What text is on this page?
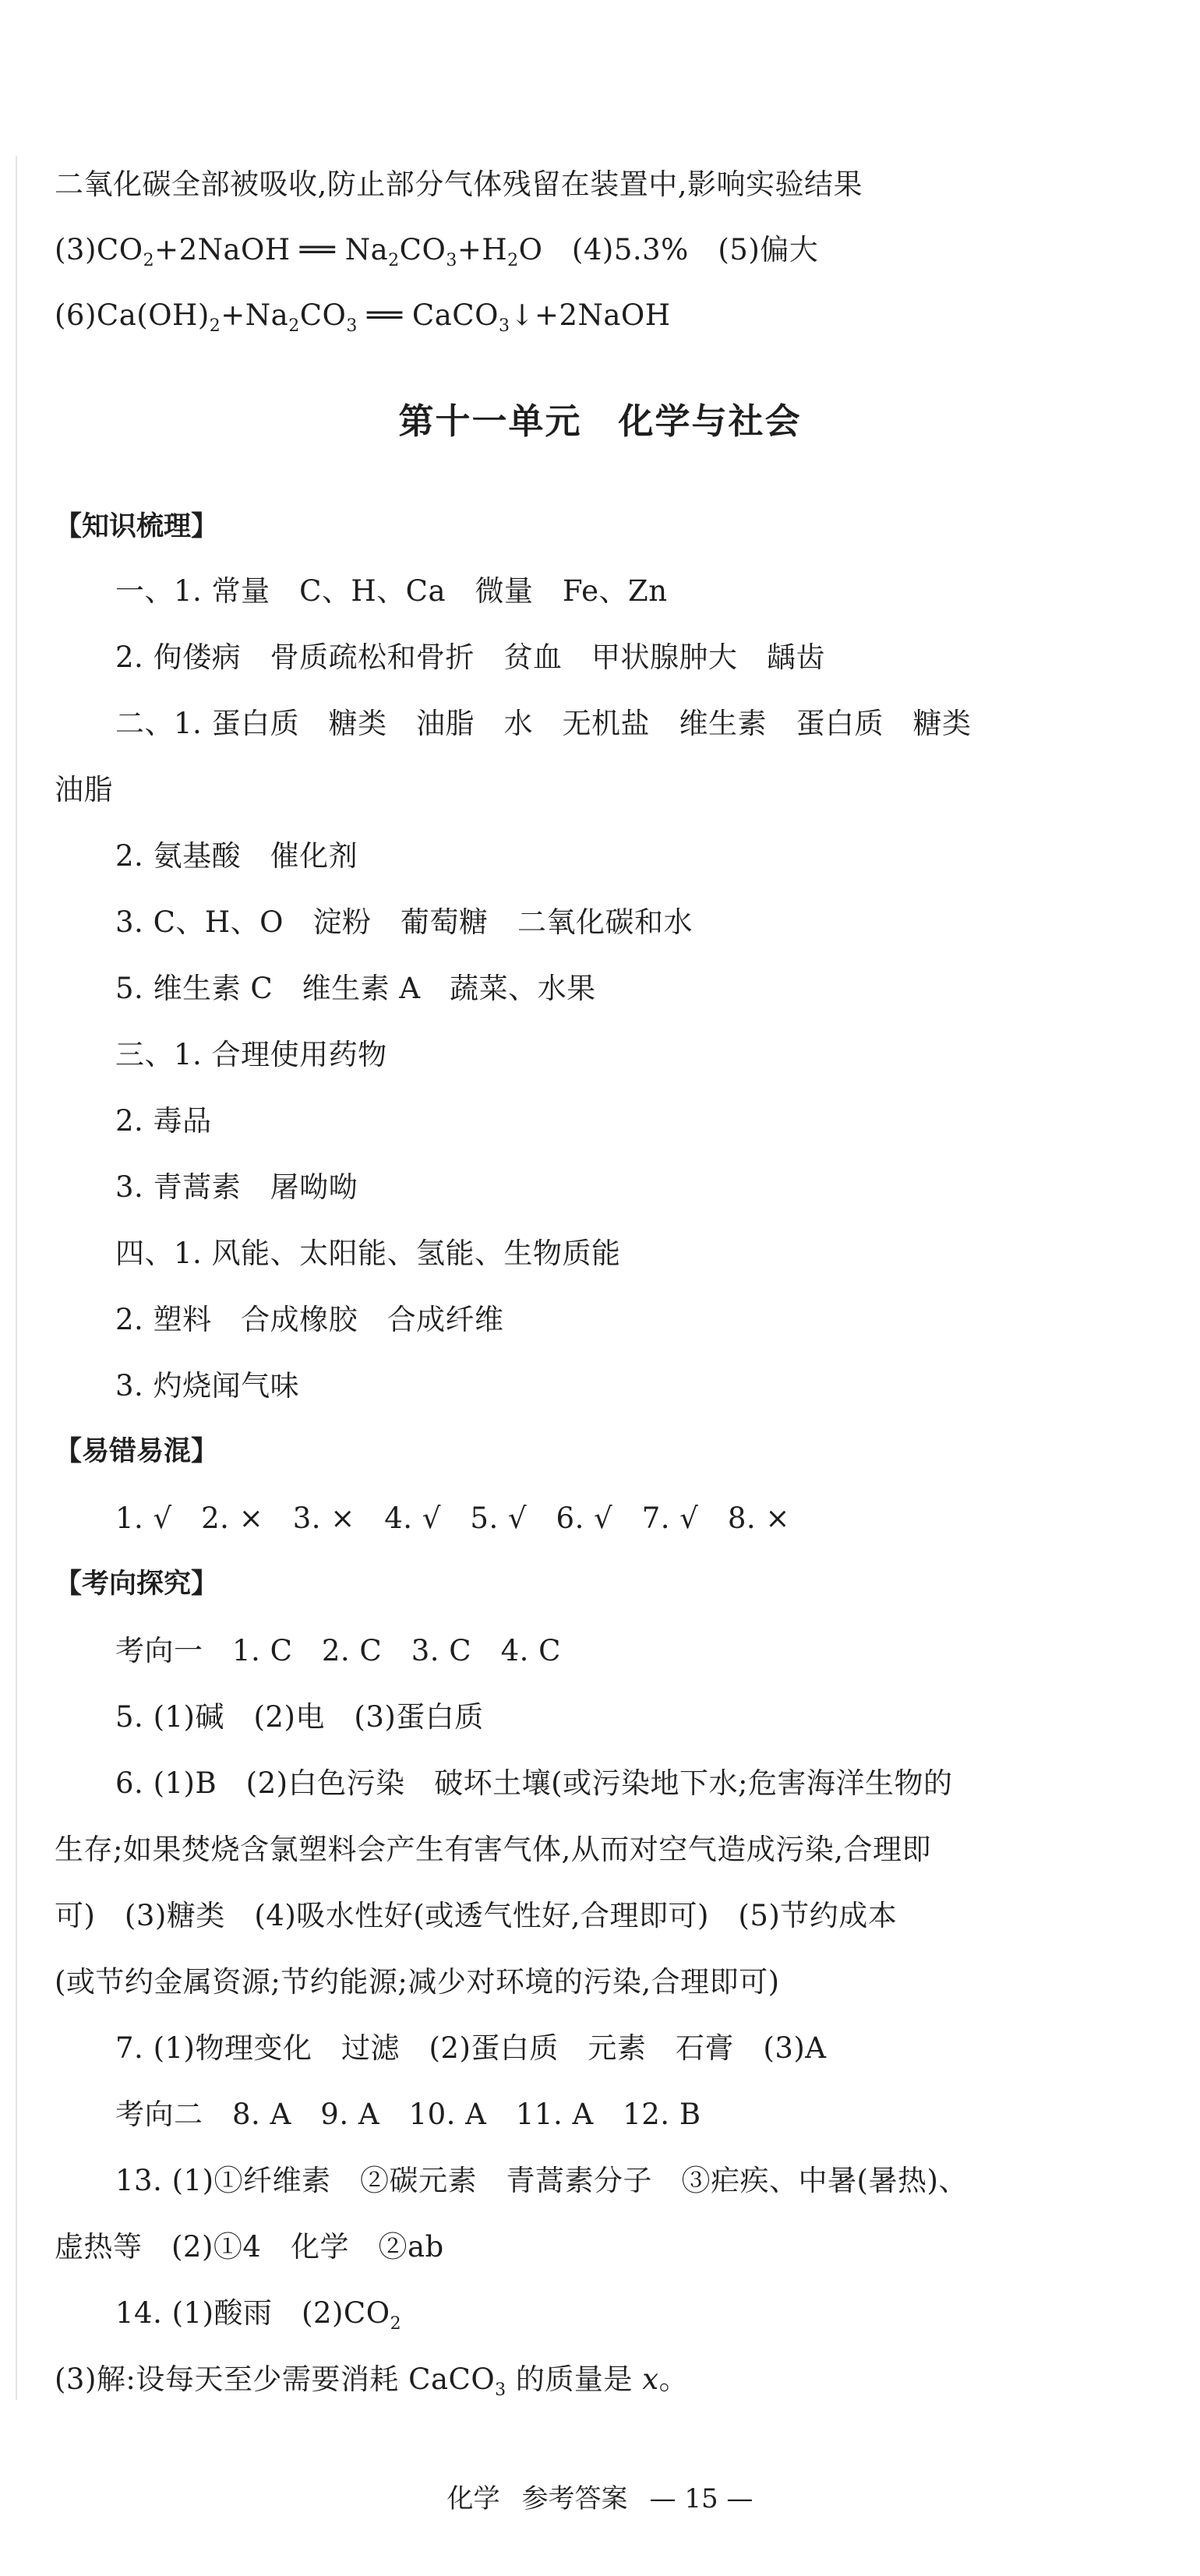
二氧化碳全部被吸收,防止部分气体残留在装置中,影响实验结果
$(3)CO_2+2NaOH$ ══ $Na_2CO_3+H_2O$　(4)5.3%　(5)偏大
$(6)Ca(OH)_2+Na_2CO_3$ ══ CaCO$_3$↓+2NaOH
第十一单元　化学与社会
【知识梳理】
一、1. 常量　C、H、Ca　微量　Fe、Zn
2. 佝偻病　骨质疏松和骨折　贫血　甲状腺肿大　龋齿
二、1. 蛋白质　糖类　油脂　水　无机盐　维生素　蛋白质　糖类
油脂
2. 氨基酸　催化剂
3. C、H、O　淀粉　葡萄糖　二氧化碳和水
5. 维生素 C　维生素 A　蔬菜、水果
三、1. 合理使用药物
2. 毒品
3. 青蒿素　屠呦呦
四、1. 风能、太阳能、氢能、生物质能
2. 塑料　合成橡胶　合成纤维
3. 灼烧闻气味
【易错易混】
1. √　2. ×　3. ×　4. √　5. √　6. √　7. √　8. ×
【考向探究】
考向一　1. C　2. C　3. C　4. C
5. (1)碱　(2)电　(3)蛋白质
6. (1)B　(2)白色污染　破坏土壤(或污染地下水;危害海洋生物的
生存;如果焚烧含氯塑料会产生有害气体,从而对空气造成污染,合理即
可)　(3)糖类　(4)吸水性好(或透气性好,合理即可)　(5)节约成本
(或节约金属资源;节约能源;减少对环境的污染,合理即可)
7. (1)物理变化　过滤　(2)蛋白质　元素　石膏　(3)A
考向二　8. A　9. A　10. A　11. A　12. B
13. (1)①纤维素　②碳元素　青蒿素分子　③疟疾、中暑(暑热)、
虚热等　(2)①4　化学　②ab
14. (1)酸雨　$(2)CO_2$
(3)解:设每天至少需要消耗 CaCO$_3$ 的质量是 x。
化学 参考答案 — 15 —
